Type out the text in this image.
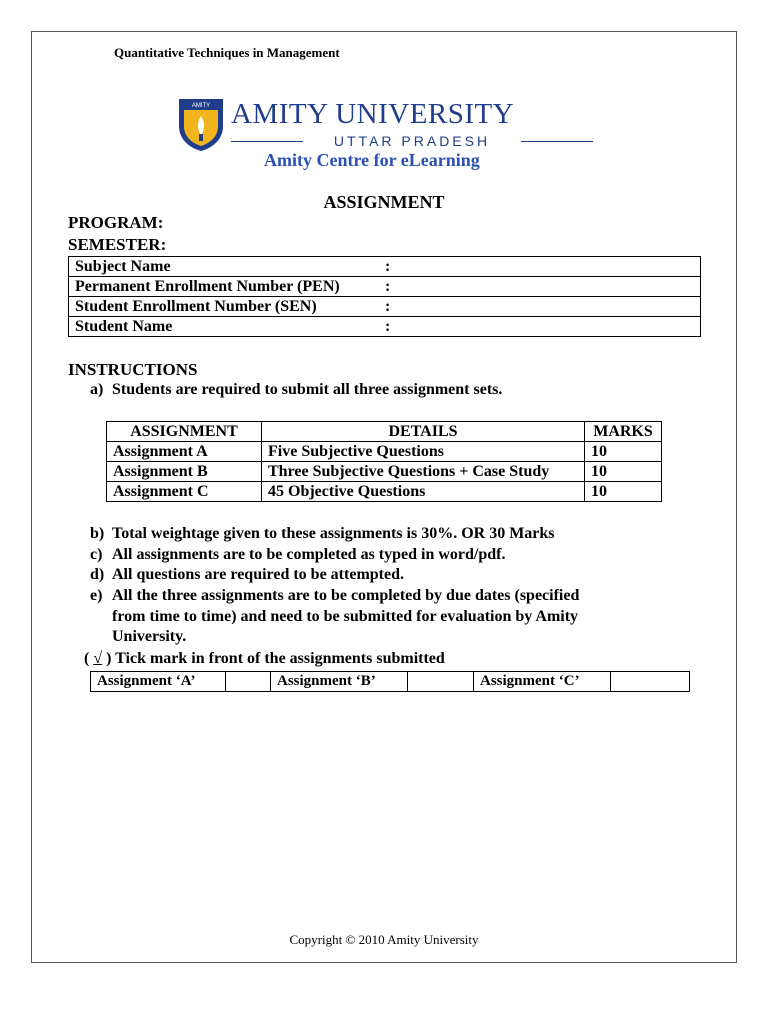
Quantitative Techniques in Management
AMITY AMITY UNIVERSITY
UTTAR PRADESH
Amity Centre for eLearning
ASSIGNMENT
PROGRAM:
SEMESTER:
Subject Name	:

Permanent Enrollment Number (PEN)	:

Student Enrollment Number (SEN)	:

Student Name	:
INSTRUCTIONS
a) Students are required to submit all three assignment sets.
ASSIGNMENT	DETAILS	MARKS
Assignment A	Five Subjective Questions	10
Assignment B	Three Subjective Questions + Case Study	10
Assignment C	45 Objective Questions	10
b) Total weightage given to these assignments is 30%. OR 30 Marks
c) All assignments are to be completed as typed in word/pdf.
d) All questions are required to be attempted.
e) All the three assignments are to be completed by due dates (specified
from time to time) and need to be submitted for evaluation by Amity
University.
( √ ) Tick mark in front of the assignments submitted
Assignment ‘A’		Assignment ‘B’		Assignment ‘C’	
Copyright © 2010 Amity University
